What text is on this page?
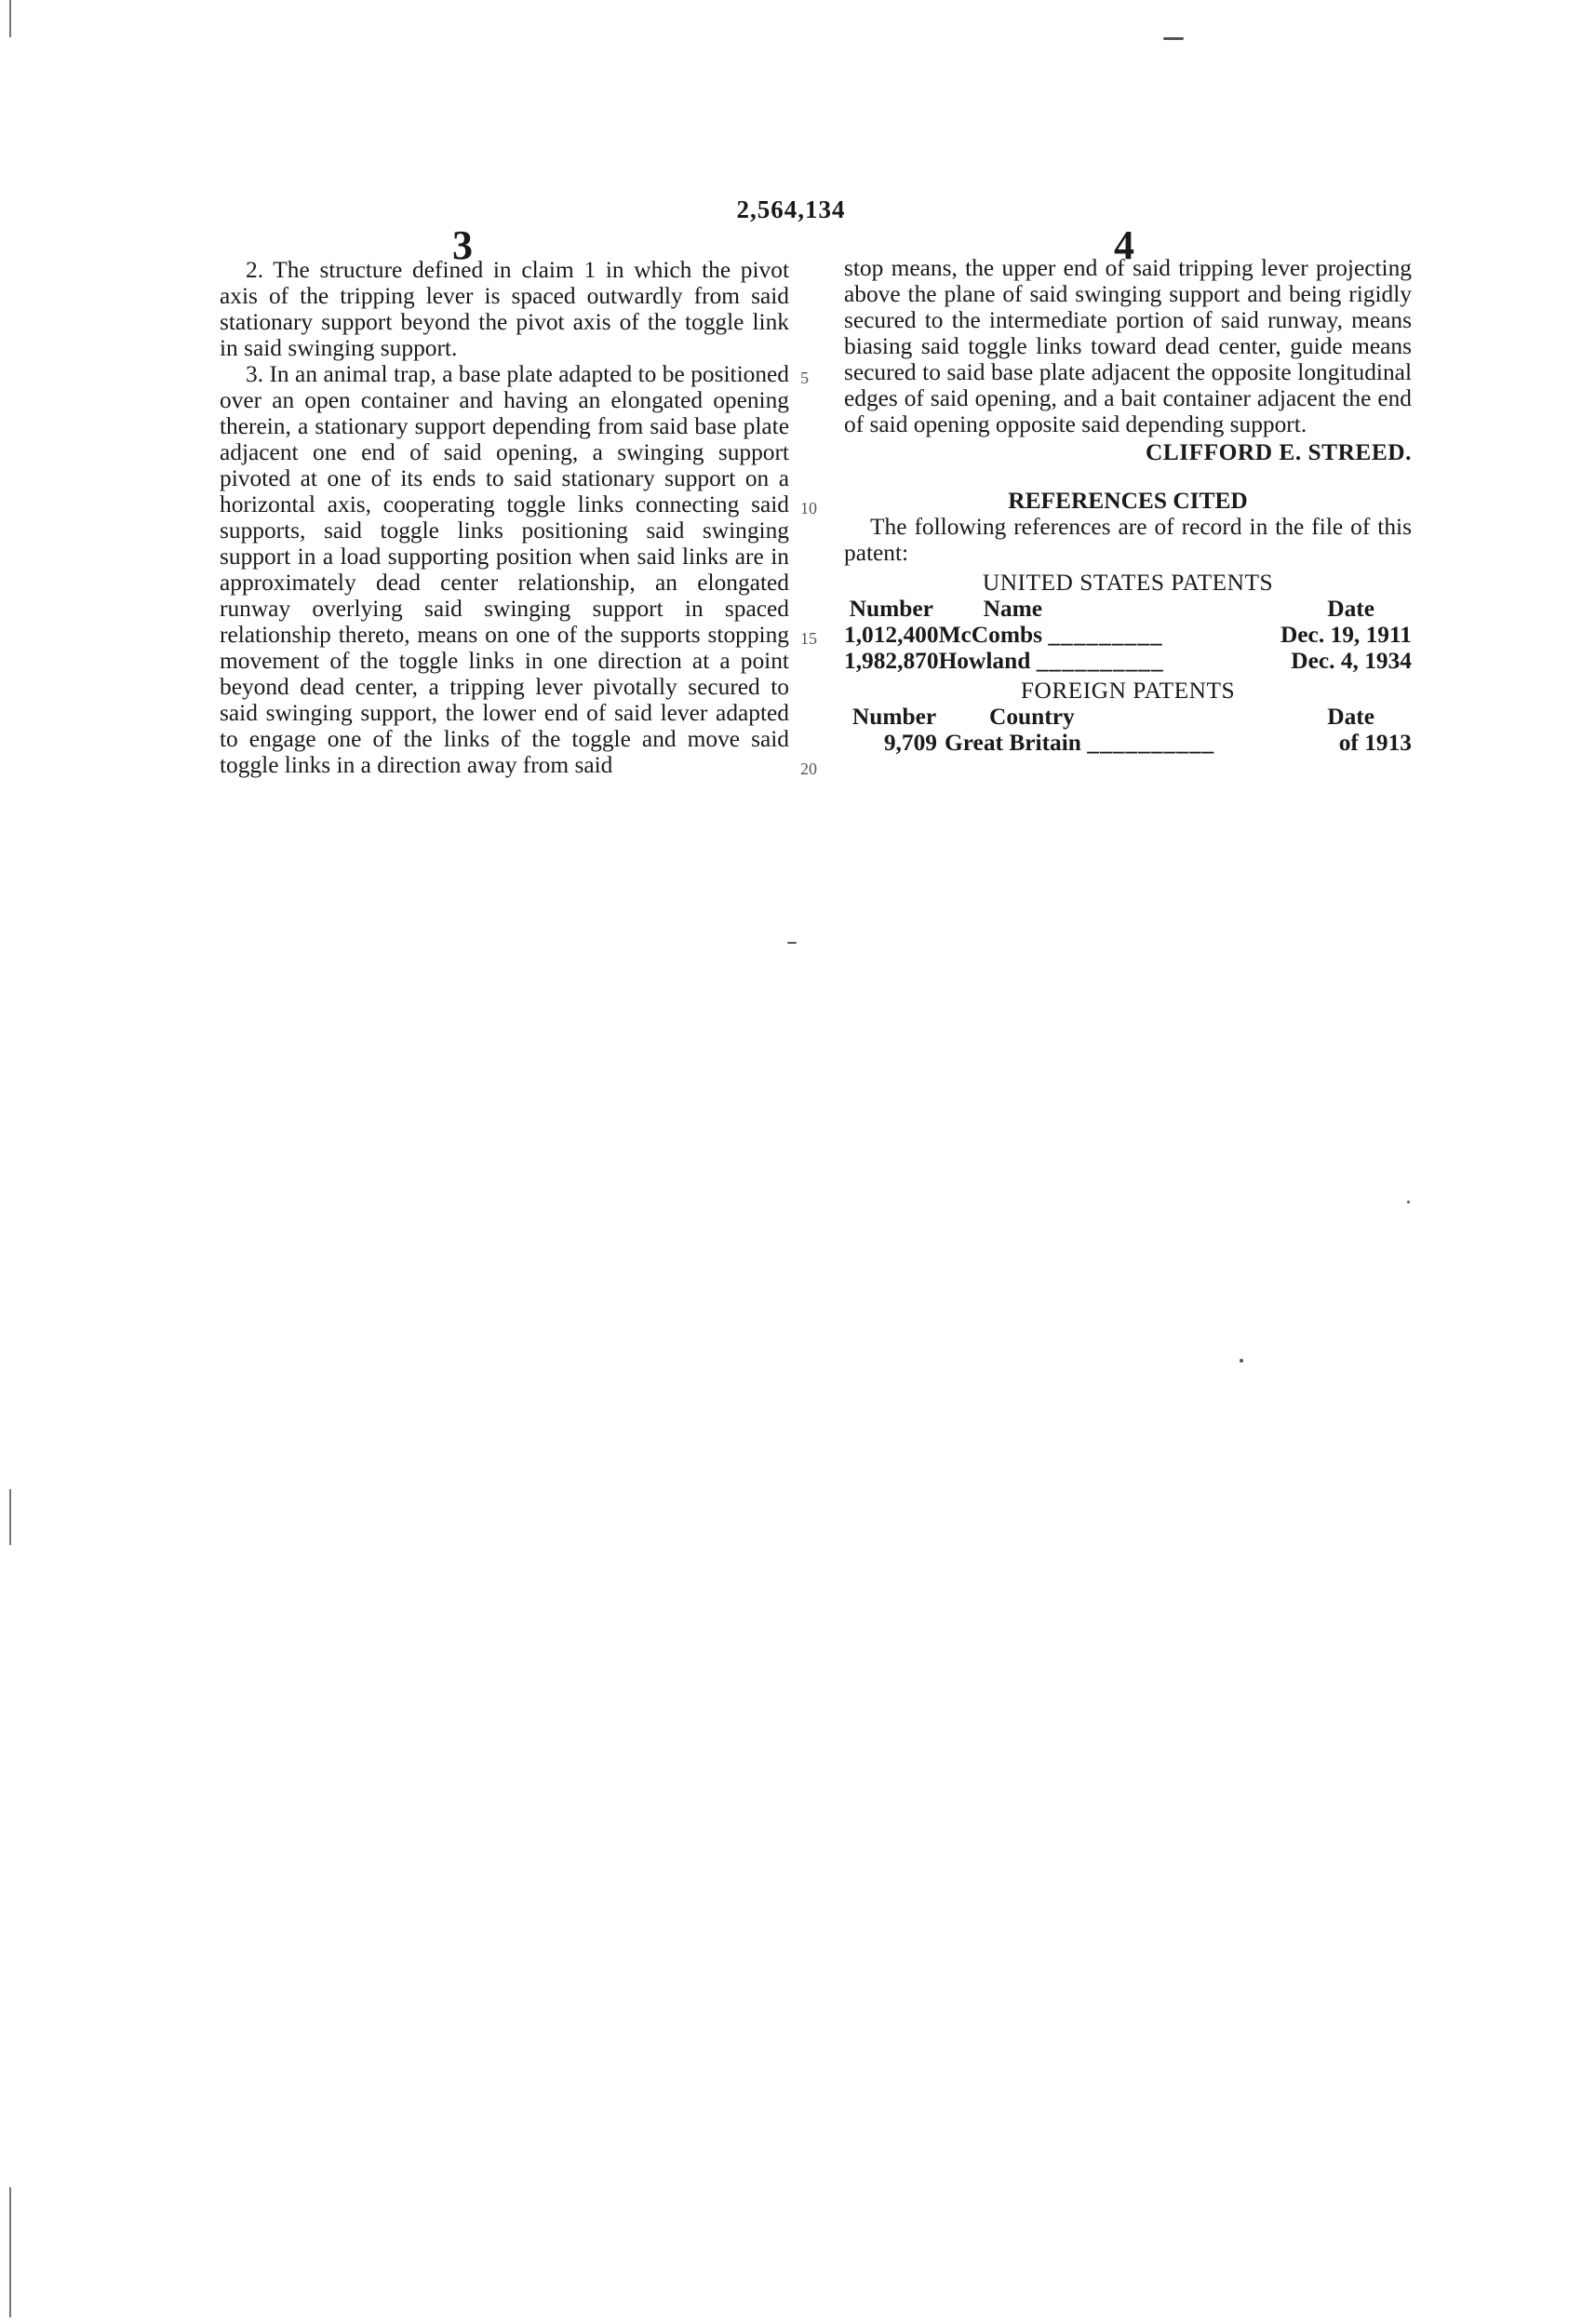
2,564,134
3	4

2. The structure defined in claim 1 in which the pivot axis of the tripping lever is spaced outwardly from said stationary support beyond the pivot axis of the toggle link in said swinging support.

3. In an animal trap, a base plate adapted to be positioned over an open container and having an elongated opening therein, a stationary support depending from said base plate adjacent one end of said opening, a swinging support pivoted at one of its ends to said stationary support on a horizontal axis, cooperating toggle links connecting said supports, said toggle links positioning said swinging support in a load supporting position when said links are in approximately dead center relationship, an elongated runway overlying said swinging support in spaced relationship thereto, means on one of the supports stopping movement of the toggle links in one direction at a point beyond dead center, a tripping lever pivotally secured to said swinging support, the lower end of said lever adapted to engage one of the links of the toggle and move said toggle links in a direction away from said

5
10
15
20

stop means, the upper end of said tripping lever projecting above the plane of said swinging support and being rigidly secured to the intermediate portion of said runway, means biasing said toggle links toward dead center, guide means secured to said base plate adjacent the opposite longitudinal edges of said opening, and a bait container adjacent the end of said opening opposite said depending support.

CLIFFORD E. STREED.
REFERENCES CITED

The following references are of record in the file of this patent:

UNITED STATES PATENTS
Number	Name	Date
1,012,400	McCombs _________	Dec. 19, 1911
1,982,870	Howland __________	Dec. 4, 1934
FOREIGN PATENTS
Number	Country	Date
9,709	Great Britain __________	of 1913
